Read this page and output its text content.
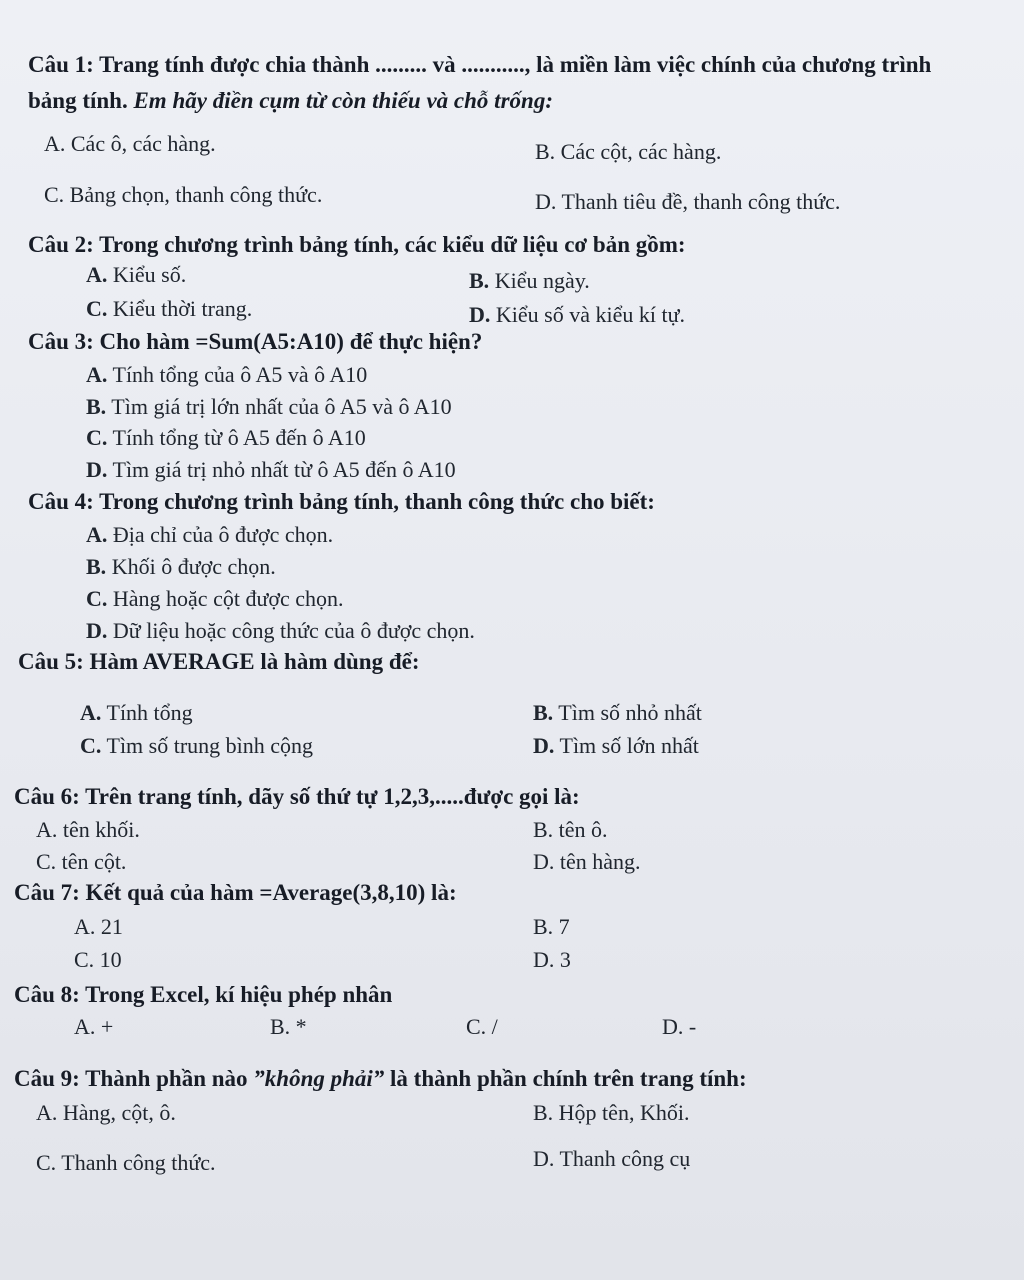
Câu 1: Trang tính được chia thành ......... và ..........., là miền làm việc chính của chương trình
bảng tính. Em hãy điền cụm từ còn thiếu và chỗ trống:
A. Các ô, các hàng.	B. Các cột, các hàng.
C. Bảng chọn, thanh công thức.	D. Thanh tiêu đề, thanh công thức.
Câu 2: Trong chương trình bảng tính, các kiểu dữ liệu cơ bản gồm:
A. Kiểu số.	B. Kiểu ngày.
C. Kiểu thời trang.	D. Kiểu số và kiểu kí tự.
Câu 3: Cho hàm =Sum(A5:A10) để thực hiện?
A. Tính tổng của ô A5 và ô A10
B. Tìm giá trị lớn nhất của ô A5 và ô A10
C. Tính tổng từ ô A5 đến ô A10
D. Tìm giá trị nhỏ nhất từ ô A5 đến ô A10
Câu 4: Trong chương trình bảng tính, thanh công thức cho biết:
A. Địa chỉ của ô được chọn.
B. Khối ô được chọn.
C. Hàng hoặc cột được chọn.
D. Dữ liệu hoặc công thức của ô được chọn.
Câu 5: Hàm AVERAGE là hàm dùng để:
A. Tính tổng	B. Tìm số nhỏ nhất
C. Tìm số trung bình cộng	D. Tìm số lớn nhất
Câu 6: Trên trang tính, dãy số thứ tự 1,2,3,.....được gọi là:
A. tên khối.	B. tên ô.
C. tên cột.	D. tên hàng.
Câu 7: Kết quả của hàm =Average(3,8,10) là:
A. 21	B. 7
C. 10	D. 3
Câu 8: Trong Excel, kí hiệu phép nhân
A. +	B. *	C. /	D. -
Câu 9: Thành phần nào ”không phải” là thành phần chính trên trang tính:
A. Hàng, cột, ô.	B. Hộp tên, Khối.
C. Thanh công thức.	D. Thanh công cụ
